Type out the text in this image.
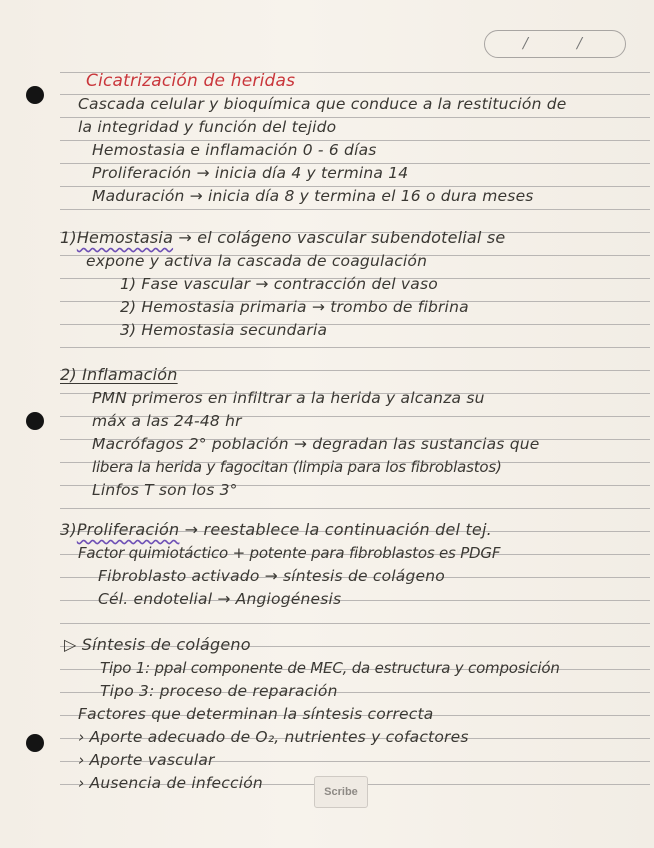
/	/
Cicatrización de heridas
Cascada celular y bioquímica que conduce a la restitución de
la integridad y función del tejido
Hemostasia e inflamación 0 - 6 días
Proliferación → inicia día 4 y termina 14
Maduración → inicia día 8 y termina el 16 o dura meses
1)Hemostasia → el colágeno vascular subendotelial se
expone y activa la cascada de coagulación
1) Fase vascular → contracción del vaso
2) Hemostasia primaria → trombo de fibrina
3) Hemostasia secundaria
2) Inflamación
PMN primeros en infiltrar a la herida y alcanza su
máx a las 24-48 hr
Macrófagos 2° población → degradan las sustancias que
libera la herida y fagocitan (limpia para los fibroblastos)
Linfos T son los 3°
3)Proliferación → reestablece la continuación del tej.
Factor quimiotáctico + potente para fibroblastos es PDGF
Fibroblasto activado → síntesis de colágeno
Cél. endotelial → Angiogénesis
▷ Síntesis de colágeno
Tipo 1: ppal componente de MEC, da estructura y composición
Tipo 3: proceso de reparación
Factores que determinan la síntesis correcta
› Aporte adecuado de O₂, nutrientes y cofactores
› Aporte vascular
› Ausencia de infección	Scribe
